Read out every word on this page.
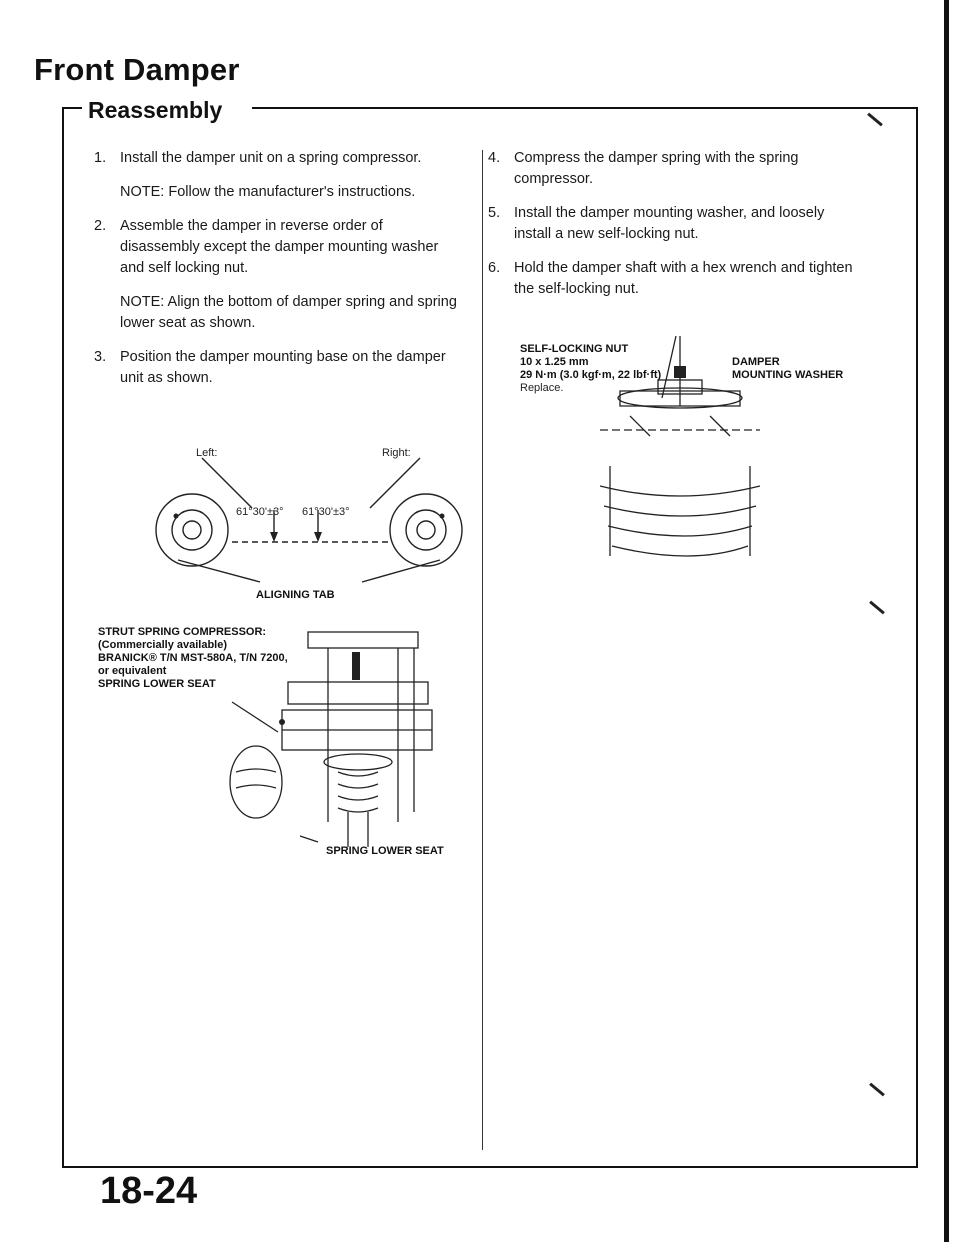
Front Damper
Reassembly
1. Install the damper unit on a spring compressor.

NOTE: Follow the manufacturer's instructions.

2. Assemble the damper in reverse order of disassembly except the damper mounting washer and self locking nut.

NOTE: Align the bottom of damper spring and spring lower seat as shown.

3. Position the damper mounting base on the damper unit as shown.

4. Compress the damper spring with the spring compressor.

5. Install the damper mounting washer, and loosely install a new self-locking nut.

6. Hold the damper shaft with a hex wrench and tighten the self-locking nut.

Left:	Right:
61°30'±3° 61°30'±3°
ALIGNING TAB
STRUT SPRING COMPRESSOR:
(Commercially available)
BRANICK® T/N MST-580A, T/N 7200,
or equivalent
SPRING LOWER SEAT
SPRING LOWER SEAT
SELF-LOCKING NUT
10 x 1.25 mm
29 N·m (3.0 kgf·m, 22 lbf·ft)
Replace.
DAMPER
MOUNTING WASHER
18-24
